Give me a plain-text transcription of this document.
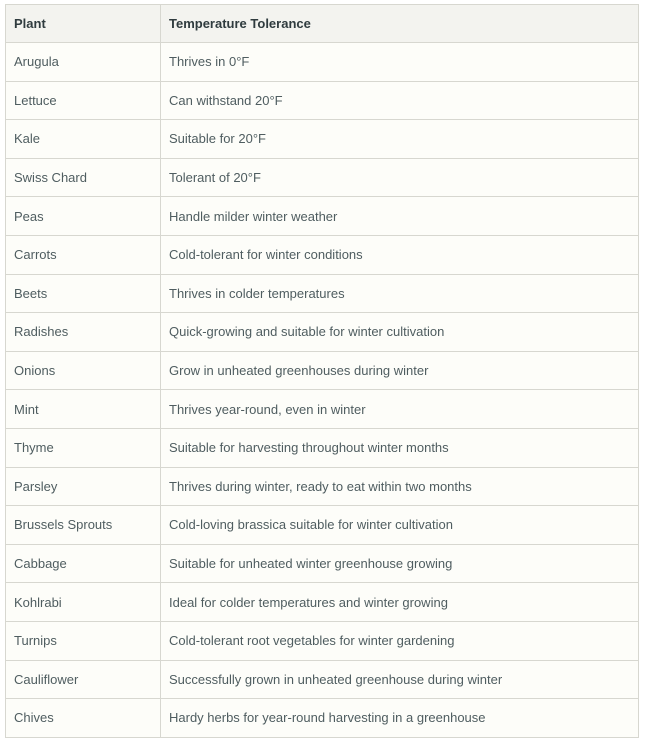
Plant	Temperature Tolerance
Arugula	Thrives in 0°F
Lettuce	Can withstand 20°F
Kale	Suitable for 20°F
Swiss Chard	Tolerant of 20°F
Peas	Handle milder winter weather
Carrots	Cold-tolerant for winter conditions
Beets	Thrives in colder temperatures
Radishes	Quick-growing and suitable for winter cultivation
Onions	Grow in unheated greenhouses during winter
Mint	Thrives year-round, even in winter
Thyme	Suitable for harvesting throughout winter months
Parsley	Thrives during winter, ready to eat within two months
Brussels Sprouts	Cold-loving brassica suitable for winter cultivation
Cabbage	Suitable for unheated winter greenhouse growing
Kohlrabi	Ideal for colder temperatures and winter growing
Turnips	Cold-tolerant root vegetables for winter gardening
Cauliflower	Successfully grown in unheated greenhouse during winter
Chives	Hardy herbs for year-round harvesting in a greenhouse
